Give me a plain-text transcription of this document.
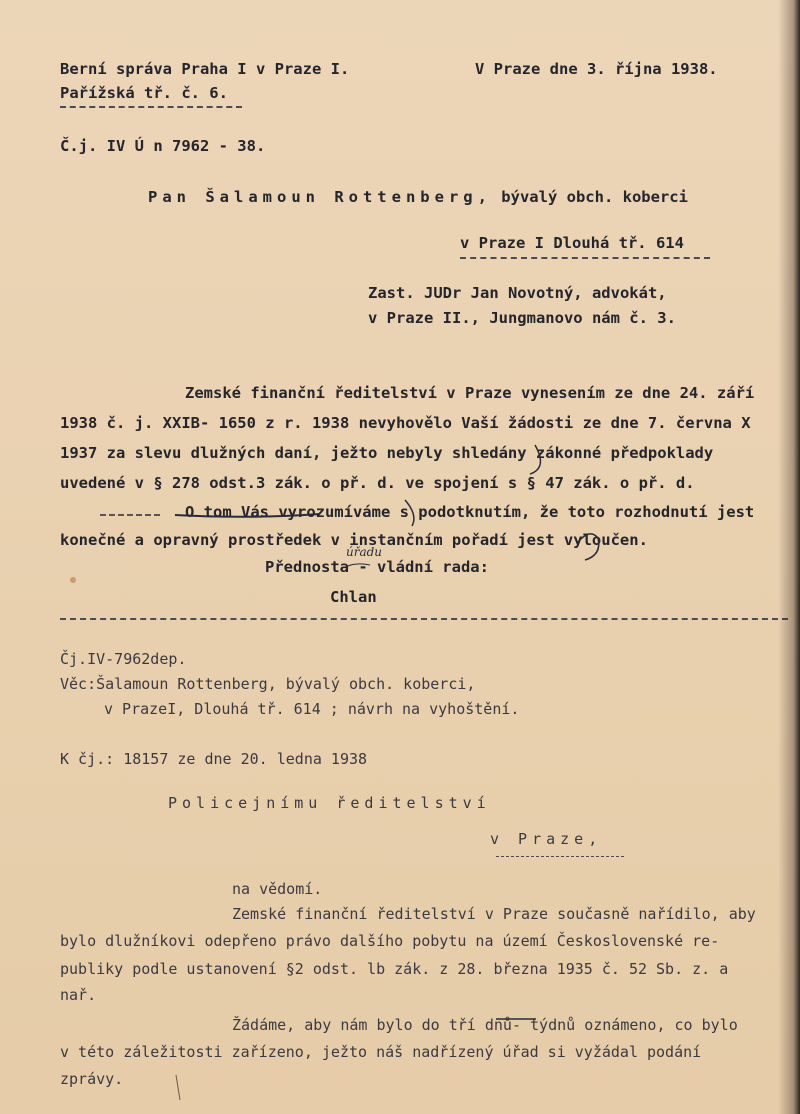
Berní správa Praha I v Praze I.
Pařížská tř. č. 6.
V Praze dne 3. října 1938.
Č.j. IV Ú n 7962 - 38.
Pan Šalamoun Rottenberg, bývalý obch. koberci
v Praze I Dlouhá tř. 614
Zast. JUDr Jan Novotný, advokát,
v Praze II., Jungmanovo nám č. 3.
Zemské finanční ředitelství v Praze vynesením ze dne 24. září
1938 č. j. XXIB- 1650 z r. 1938 nevyhovělo Vaší žádosti ze dne 7. června X
1937 za slevu dlužných daní, ježto nebyly shledány zákonné předpoklady
uvedené v § 278 odst.3 zák. o př. d. ve spojení s § 47 zák. o př. d.
O tom Vás vyrozumíváme s podotknutím, že toto rozhodnutí jest
konečné a opravný prostředek v instančním pořadí jest vyloučen.
úřadu
Přednosta - vládní rada:
Chlan
Čj.IV-7962dep.
Věc:Šalamoun Rottenberg, bývalý obch. koberci,
v PrazeI, Dlouhá tř. 614 ; návrh na vyhoštění.
K čj.: 18157 ze dne 20. ledna 1938
Policejnímu ředitelství
v Praze,
na vědomí.
Zemské finanční ředitelství v Praze současně nařídilo, aby
bylo dlužníkovi odepřeno právo dalšího pobytu na území Československé re-
publiky podle ustanovení §2 odst. lb zák. z 28. března 1935 č. 52 Sb. z. a
nař.
Žádáme, aby nám bylo do tří dnů- týdnů oznámeno, co bylo
v této záležitosti zařízeno, ježto náš nadřízený úřad si vyžádal podání
zprávy.
